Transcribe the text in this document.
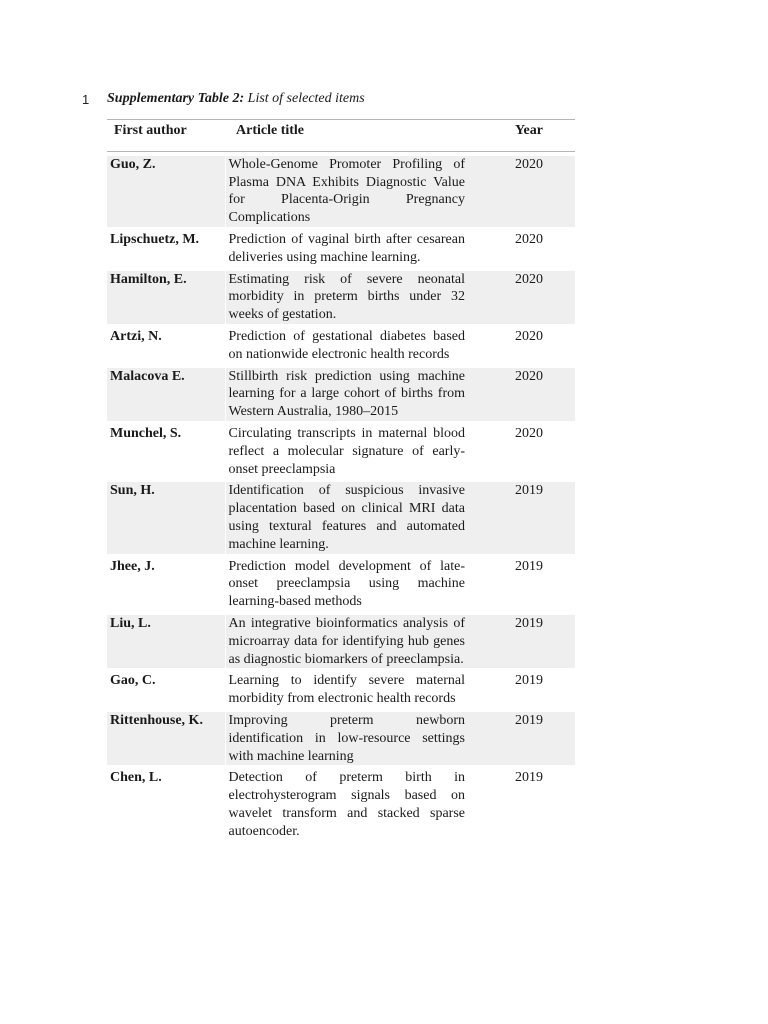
1 Supplementary Table 2: List of selected items
First author	Article title	Year

Guo, Z.	Whole-Genome Promoter Profiling of Plasma DNA Exhibits Diagnostic Value for Placenta-Origin Pregnancy Complications	2020

Lipschuetz, M.	Prediction of vaginal birth after cesarean deliveries using machine learning.	2020

Hamilton, E.	Estimating risk of severe neonatal morbidity in preterm births under 32 weeks of gestation.	2020

Artzi, N.	Prediction of gestational diabetes based on nationwide electronic health records	2020

Malacova E.	Stillbirth risk prediction using machine learning for a large cohort of births from Western Australia, 1980–2015	2020

Munchel, S.	Circulating transcripts in maternal blood reflect a molecular signature of early-onset preeclampsia	2020

Sun, H.	Identification of suspicious invasive placentation based on clinical MRI data using textural features and automated machine learning.	2019

Jhee, J.	Prediction model development of late-onset preeclampsia using machine learning-based methods	2019

Liu, L.	An integrative bioinformatics analysis of microarray data for identifying hub genes as diagnostic biomarkers of preeclampsia.	2019

Gao, C.	Learning to identify severe maternal morbidity from electronic health records	2019

Rittenhouse, K.	Improving preterm newborn identification in low-resource settings with machine learning	2019

Chen, L.	Detection of preterm birth in electrohysterogram signals based on wavelet transform and stacked sparse autoencoder.	2019
